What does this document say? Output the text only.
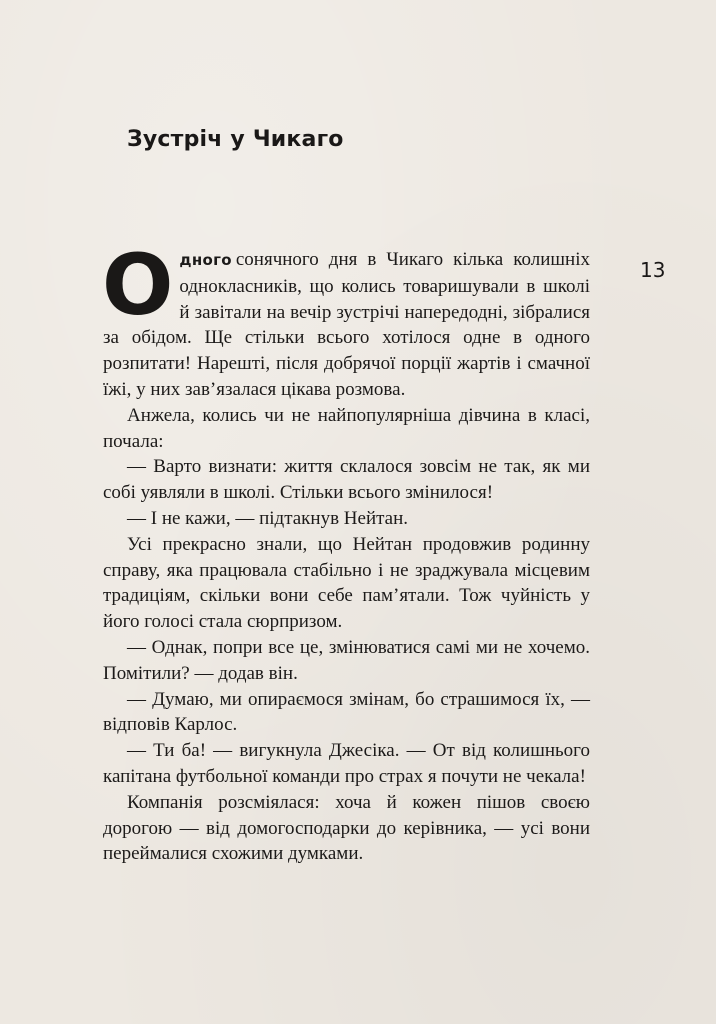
Зустріч у Чикаго
13

Одного сонячного дня в Чикаго кілька колишніх однокласників, що колись товаришували в школі й завітали на вечір зустрічі напередодні, зібралися за обідом. Ще стільки всього хотілося одне в одного розпитати! Нарешті, після добрячої порції жартів і смачної їжі, у них зав’язалася цікава розмова.

Анжела, колись чи не найпопулярніша дівчина в класі, почала:

— Варто визнати: життя склалося зовсім не так, як ми собі уявляли в школі. Стільки всього змінилося!

— І не кажи, — підтакнув Нейтан.

Усі прекрасно знали, що Нейтан продовжив родинну справу, яка працювала стабільно і не зраджувала місцевим традиціям, скільки вони себе пам’ятали. Тож чуйність у його голосі стала сюрпризом.

— Однак, попри все це, змінюватися самі ми не хочемо. Помітили? — додав він.

— Думаю, ми опираємося змінам, бо страшимося їх, — відповів Карлос.

— Ти ба! — вигукнула Джесіка. — От від колишнього капітана футбольної команди про страх я почути не чекала!

Компанія розсміялася: хоча й кожен пішов своєю дорогою — від домогосподарки до керівника, — усі вони переймалися схожими думками.
